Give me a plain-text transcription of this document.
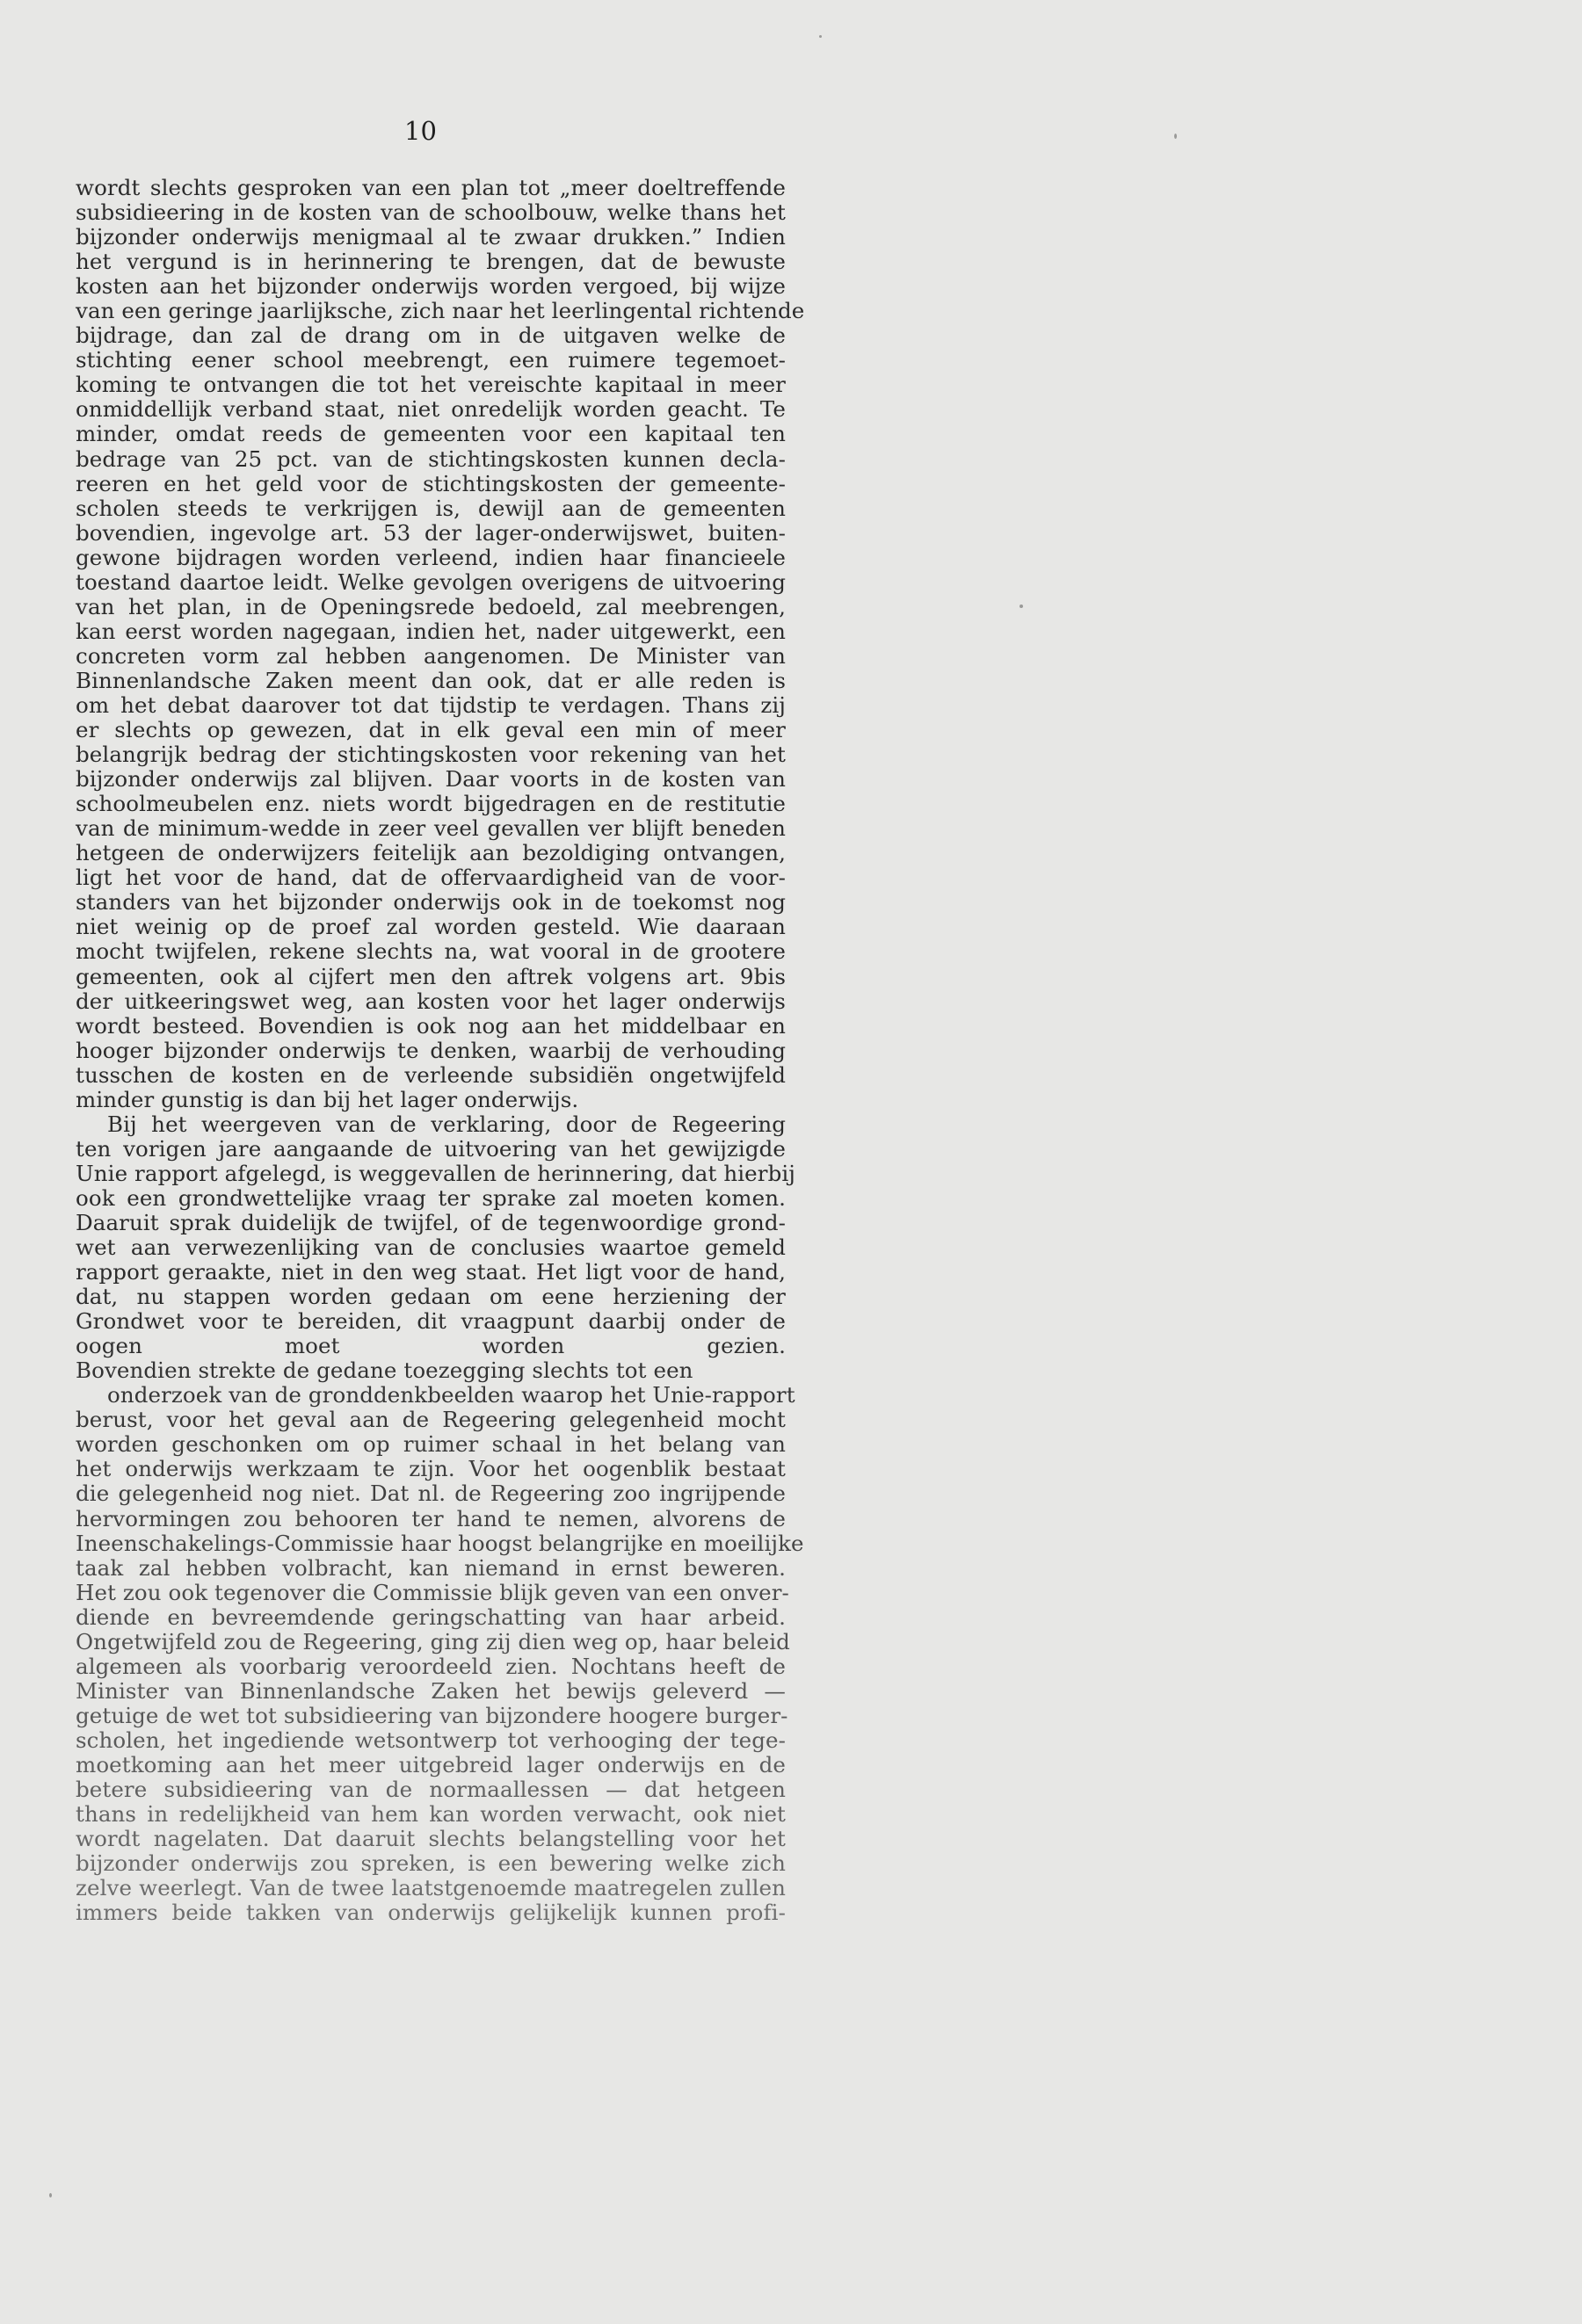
10
wordt slechts gesproken van een plan tot „meer doeltreffende
subsidieering in de kosten van de schoolbouw, welke thans het
bijzonder onderwijs menigmaal al te zwaar drukken.” Indien
het vergund is in herinnering te brengen, dat de bewuste
kosten aan het bijzonder onderwijs worden vergoed, bij wijze
van een geringe jaarlijksche, zich naar het leerlingental richtende
bijdrage, dan zal de drang om in de uitgaven welke de
stichting eener school meebrengt, een ruimere tegemoet-
koming te ontvangen die tot het vereischte kapitaal in meer
onmiddellijk verband staat, niet onredelijk worden geacht. Te
minder, omdat reeds de gemeenten voor een kapitaal ten
bedrage van 25 pct. van de stichtingskosten kunnen decla-
reeren en het geld voor de stichtingskosten der gemeente-
scholen steeds te verkrijgen is, dewijl aan de gemeenten
bovendien, ingevolge art. 53 der lager-onderwijswet, buiten-
gewone bijdragen worden verleend, indien haar financieele
toestand daartoe leidt. Welke gevolgen overigens de uitvoering
van het plan, in de Openingsrede bedoeld, zal meebrengen,
kan eerst worden nagegaan, indien het, nader uitgewerkt, een
concreten vorm zal hebben aangenomen. De Minister van
Binnenlandsche Zaken meent dan ook, dat er alle reden is
om het debat daarover tot dat tijdstip te verdagen. Thans zij
er slechts op gewezen, dat in elk geval een min of meer
belangrijk bedrag der stichtingskosten voor rekening van het
bijzonder onderwijs zal blijven. Daar voorts in de kosten van
schoolmeubelen enz. niets wordt bijgedragen en de restitutie
van de minimum-wedde in zeer veel gevallen ver blijft beneden
hetgeen de onderwijzers feitelijk aan bezoldiging ontvangen,
ligt het voor de hand, dat de offervaardigheid van de voor-
standers van het bijzonder onderwijs ook in de toekomst nog
niet weinig op de proef zal worden gesteld. Wie daaraan
mocht twijfelen, rekene slechts na, wat vooral in de grootere
gemeenten, ook al cijfert men den aftrek volgens art. 9bis
der uitkeeringswet weg, aan kosten voor het lager onderwijs
wordt besteed. Bovendien is ook nog aan het middelbaar en
hooger bijzonder onderwijs te denken, waarbij de verhouding
tusschen de kosten en de verleende subsidiën ongetwijfeld
minder gunstig is dan bij het lager onderwijs.
Bij het weergeven van de verklaring, door de Regeering
ten vorigen jare aangaande de uitvoering van het gewijzigde
Unie rapport afgelegd, is weggevallen de herinnering, dat hierbij
ook een grondwettelijke vraag ter sprake zal moeten komen.
Daaruit sprak duidelijk de twijfel, of de tegenwoordige grond-
wet aan verwezenlijking van de conclusies waartoe gemeld
rapport geraakte, niet in den weg staat. Het ligt voor de hand,
dat, nu stappen worden gedaan om eene herziening der
Grondwet voor te bereiden, dit vraagpunt daarbij onder de
oogen moet worden gezien.
Bovendien strekte de gedane toezegging slechts tot een
onderzoek van de gronddenkbeelden waarop het Unie-rapport
berust, voor het geval aan de Regeering gelegenheid mocht
worden geschonken om op ruimer schaal in het belang van
het onderwijs werkzaam te zijn. Voor het oogenblik bestaat
die gelegenheid nog niet. Dat nl. de Regeering zoo ingrijpende
hervormingen zou behooren ter hand te nemen, alvorens de
Ineenschakelings-Commissie haar hoogst belangrijke en moeilijke
taak zal hebben volbracht, kan niemand in ernst beweren.
Het zou ook tegenover die Commissie blijk geven van een onver-
diende en bevreemdende geringschatting van haar arbeid.
Ongetwijfeld zou de Regeering, ging zij dien weg op, haar beleid
algemeen als voorbarig veroordeeld zien. Nochtans heeft de
Minister van Binnenlandsche Zaken het bewijs geleverd —
getuige de wet tot subsidieering van bijzondere hoogere burger-
scholen, het ingediende wetsontwerp tot verhooging der tege-
moetkoming aan het meer uitgebreid lager onderwijs en de
betere subsidieering van de normaallessen — dat hetgeen
thans in redelijkheid van hem kan worden verwacht, ook niet
wordt nagelaten. Dat daaruit slechts belangstelling voor het
bijzonder onderwijs zou spreken, is een bewering welke zich
zelve weerlegt. Van de twee laatstgenoemde maatregelen zullen
immers beide takken van onderwijs gelijkelijk kunnen profi-
